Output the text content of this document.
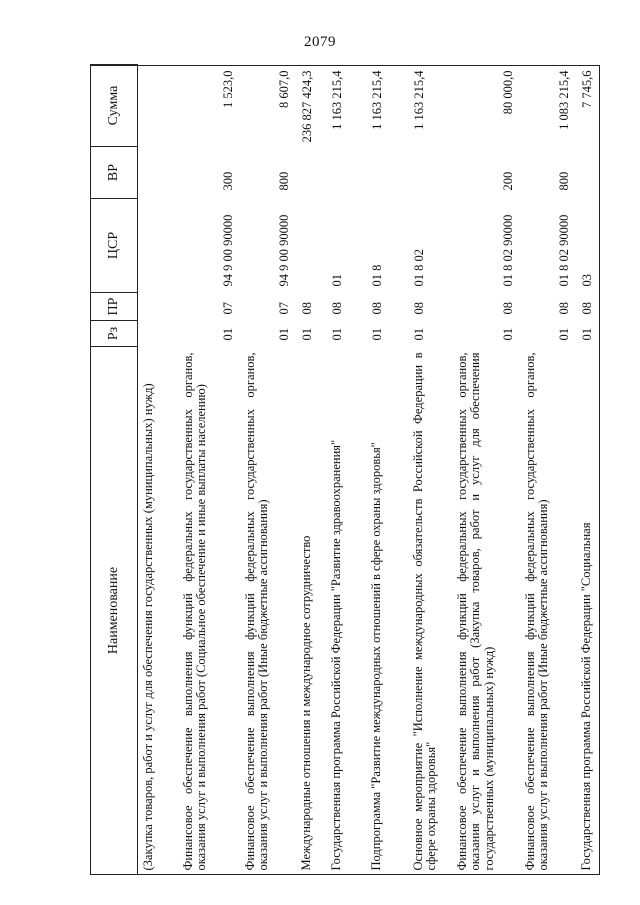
2079
Наименование	Рз	ПР	ЦСР	ВР	Сумма
(Закупка товаров, работ и услуг для обеспечения государственных (муниципальных) нужд)					
Финансовое обеспечение выполнения функций федеральных государственных органов, оказания услуг и выполнения работ (Социальное обеспечение и иные выплаты населению)	01	07	94 9 00 90000	300	1 523,0
Финансовое обеспечение выполнения функций федеральных государственных органов, оказания услуг и выполнения работ (Иные бюджетные ассигнования)	01	07	94 9 00 90000	800	8 607,0
Международные отношения и международное сотрудничество	01	08			236 827 424,3
Государственная программа Российской Федерации "Развитие здравоохранения"	01	08	01		1 163 215,4
Подпрограмма "Развитие международных отношений в сфере охраны здоровья"	01	08	01 8		1 163 215,4
Основное мероприятие "Исполнение международных обязательств Российской Федерации в сфере охраны здоровья"	01	08	01 8 02		1 163 215,4
Финансовое обеспечение выполнения функций федеральных государственных органов, оказания услуг и выполнения работ (Закупка товаров, работ и услуг для обеспечения государственных (муниципальных) нужд)	01	08	01 8 02 90000	200	80 000,0
Финансовое обеспечение выполнения функций федеральных государственных органов, оказания услуг и выполнения работ (Иные бюджетные ассигнования)	01	08	01 8 02 90000	800	1 083 215,4
Государственная программа Российской Федерации "Социальная	01	08	03		7 745,6
